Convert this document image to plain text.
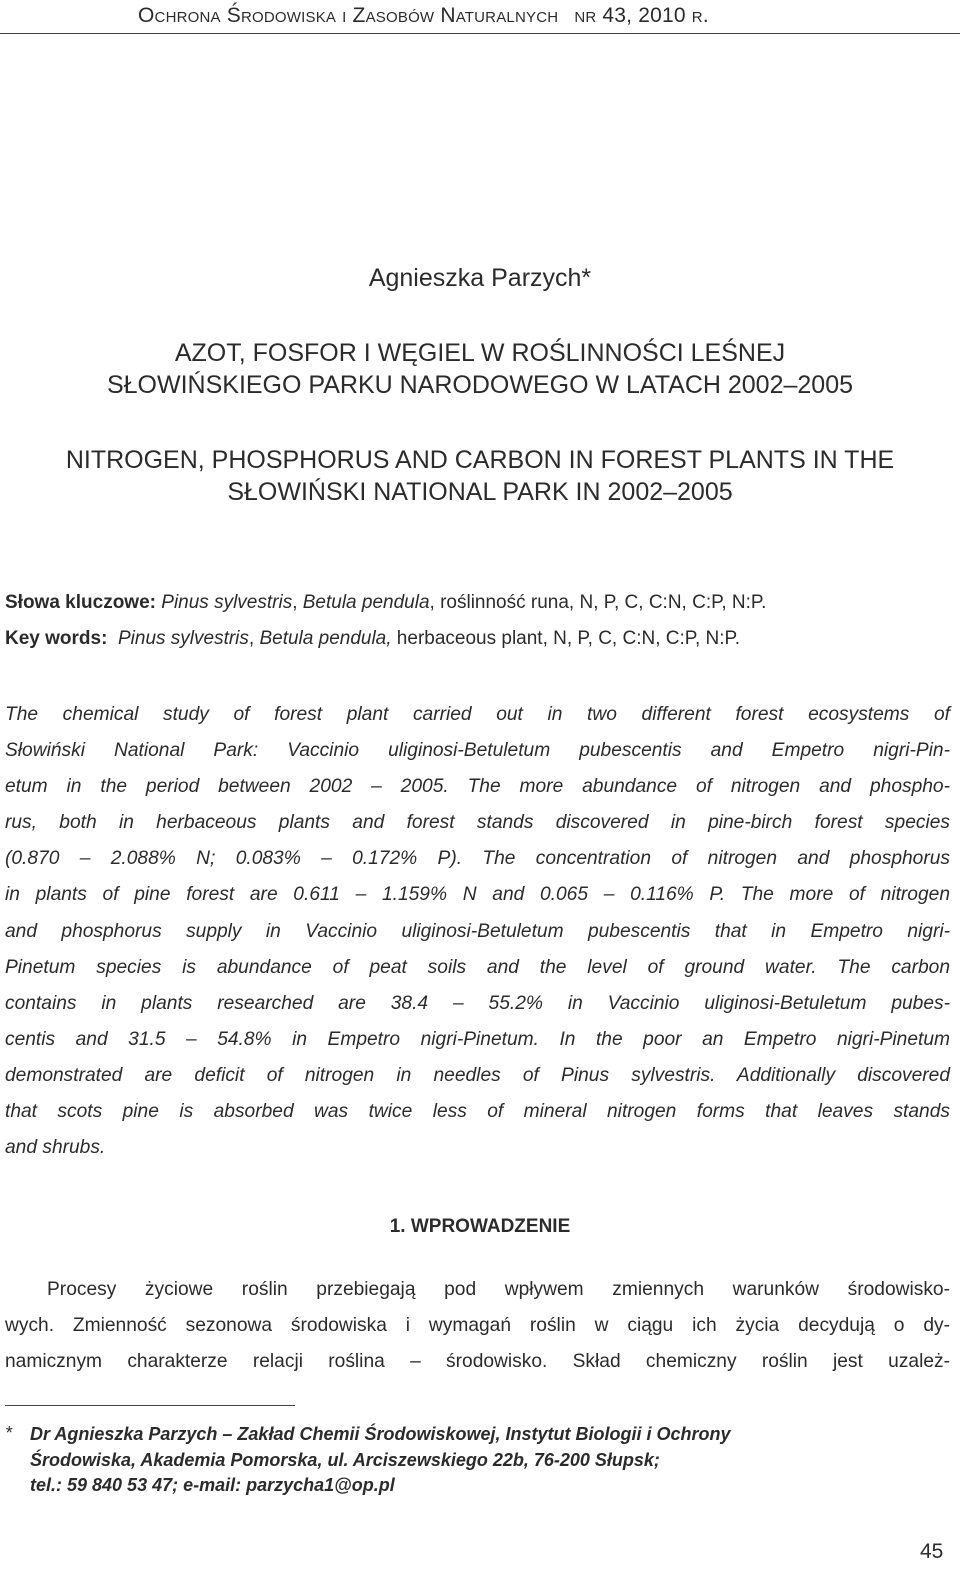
Ochrona Środowiska i Zasobów Naturalnych nr 43, 2010 r.
Agnieszka Parzych*
AZOT, FOSFOR I WĘGIEL W ROŚLINNOŚCI LEŚNEJ
SŁOWIŃSKIEGO PARKU NARODOWEGO W LATACH 2002–2005
NITROGEN, PHOSPHORUS AND CARBON IN FOREST PLANTS IN THE
SŁOWIŃSKI NATIONAL PARK IN 2002–2005
Słowa kluczowe: Pinus sylvestris, Betula pendula, roślinność runa, N, P, C, C:N, C:P, N:P.
Key words: Pinus sylvestris, Betula pendula, herbaceous plant, N, P, C, C:N, C:P, N:P.
The chemical study of forest plant carried out in two different forest ecosystems of
Słowiński National Park: Vaccinio uliginosi-Betuletum pubescentis and Empetro nigri-Pin-
etum in the period between 2002 – 2005. The more abundance of nitrogen and phospho-
rus, both in herbaceous plants and forest stands discovered in pine-birch forest species
(0.870 – 2.088% N; 0.083% – 0.172% P). The concentration of nitrogen and phosphorus
in plants of pine forest are 0.611 – 1.159% N and 0.065 – 0.116% P. The more of nitrogen
and phosphorus supply in Vaccinio uliginosi-Betuletum pubescentis that in Empetro nigri-
Pinetum species is abundance of peat soils and the level of ground water. The carbon
contains in plants researched are 38.4 – 55.2% in Vaccinio uliginosi-Betuletum pubes-
centis and 31.5 – 54.8% in Empetro nigri-Pinetum. In the poor an Empetro nigri-Pinetum
demonstrated are deficit of nitrogen in needles of Pinus sylvestris. Additionally discovered
that scots pine is absorbed was twice less of mineral nitrogen forms that leaves stands
and shrubs.
1. WPROWADZENIE
Procesy życiowe roślin przebiegają pod wpływem zmiennych warunków środowisko-
wych. Zmienność sezonowa środowiska i wymagań roślin w ciągu ich życia decydują o dy-
namicznym charakterze relacji roślina – środowisko. Skład chemiczny roślin jest uzależ-
* Dr Agnieszka Parzych – Zakład Chemii Środowiskowej, Instytut Biologii i Ochrony
Środowiska, Akademia Pomorska, ul. Arciszewskiego 22b, 76-200 Słupsk;
tel.: 59 840 53 47; e-mail: parzycha1@op.pl
45
